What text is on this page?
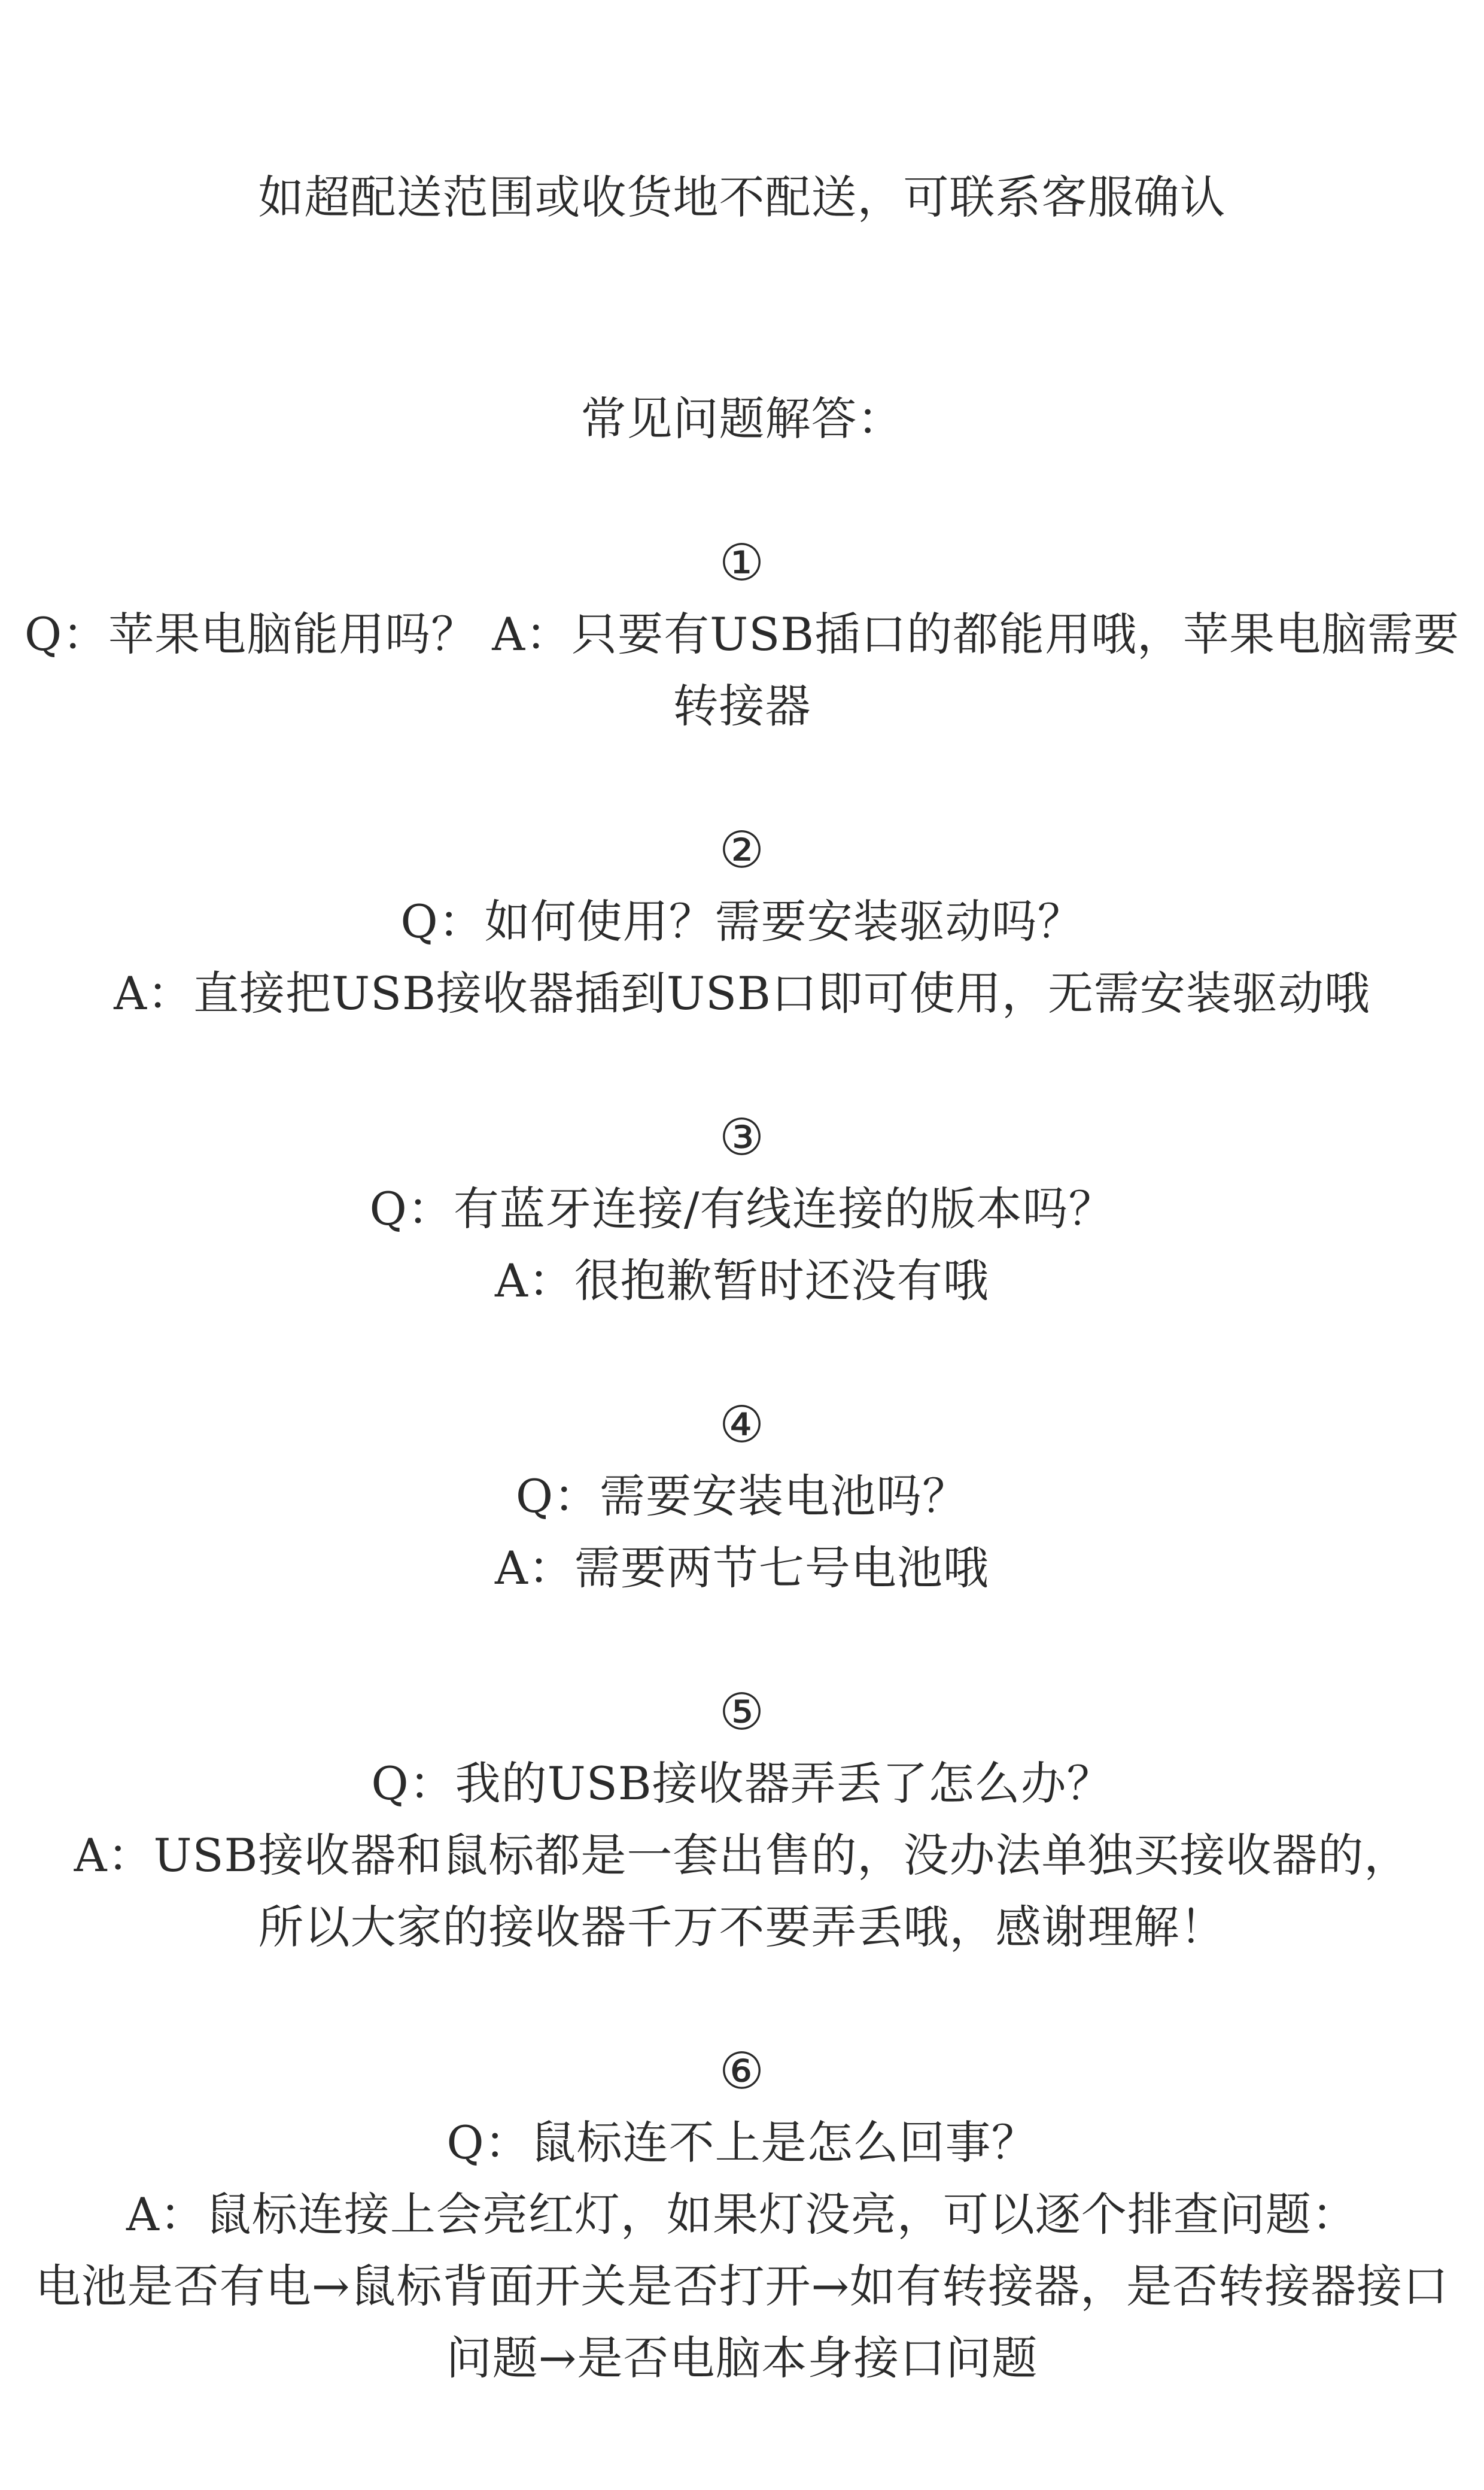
如超配送范围或收货地不配送，可联系客服确认
常见问题解答：
①
Q：苹果电脑能用吗？ A：只要有USB插口的都能用哦，苹果电脑需要
转接器
②
Q：如何使用？需要安装驱动吗？
A：直接把USB接收器插到USB口即可使用，无需安装驱动哦
③
Q：有蓝牙连接/有线连接的版本吗？
A：很抱歉暂时还没有哦
④
Q：需要安装电池吗？
A：需要两节七号电池哦
⑤
Q：我的USB接收器弄丢了怎么办？
A：USB接收器和鼠标都是一套出售的，没办法单独买接收器的，
所以大家的接收器千万不要弄丢哦，感谢理解！
⑥
Q：鼠标连不上是怎么回事？
A：鼠标连接上会亮红灯，如果灯没亮，可以逐个排查问题：
电池是否有电→鼠标背面开关是否打开→如有转接器，是否转接器接口
问题→是否电脑本身接口问题
